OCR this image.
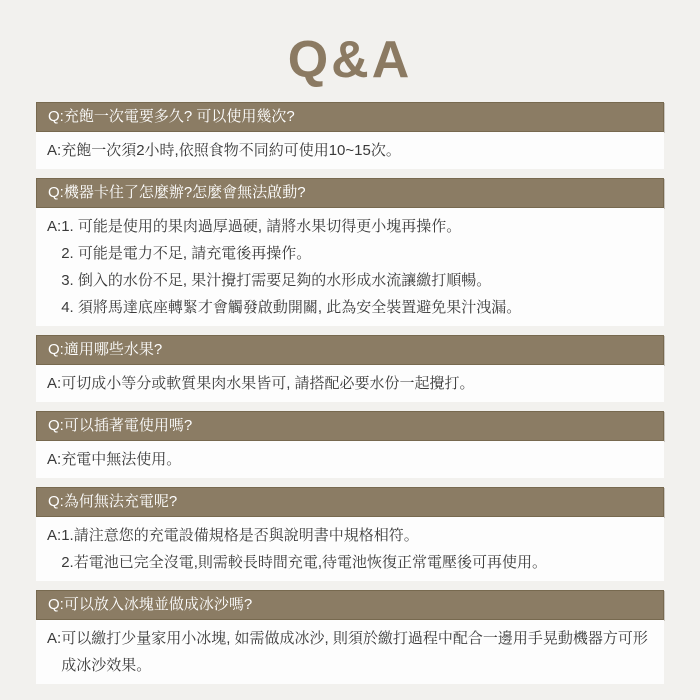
Q&A
Q: 充飽一次電要多久? 可以使用幾次?
A: 充飽一次須2小時,依照食物不同約可使用10~15次。
Q: 機器卡住了怎麼辦?怎麼會無法啟動?
A: 1. 可能是使用的果肉過厚過硬, 請將水果切得更小塊再操作。
2. 可能是電力不足, 請充電後再操作。
3. 倒入的水份不足, 果汁攪打需要足夠的水形成水流讓繳打順暢。
4. 須將馬達底座轉緊才會觸發啟動開關, 此為安全裝置避免果汁洩漏。
Q: 適用哪些水果?
A: 可切成小等分或軟質果肉水果皆可, 請搭配必要水份一起攪打。
Q: 可以插著電使用嗎?
A: 充電中無法使用。
Q: 為何無法充電呢?
A: 1.請注意您的充電設備規格是否與說明書中規格相符。
2.若電池已完全沒電,則需較長時間充電,待電池恢復正常電壓後可再使用。
Q: 可以放入冰塊並做成冰沙嗎?
A: 可以繳打少量家用小冰塊, 如需做成冰沙, 則須於繳打過程中配合一邊用手晃動機器方可形成冰沙效果。
